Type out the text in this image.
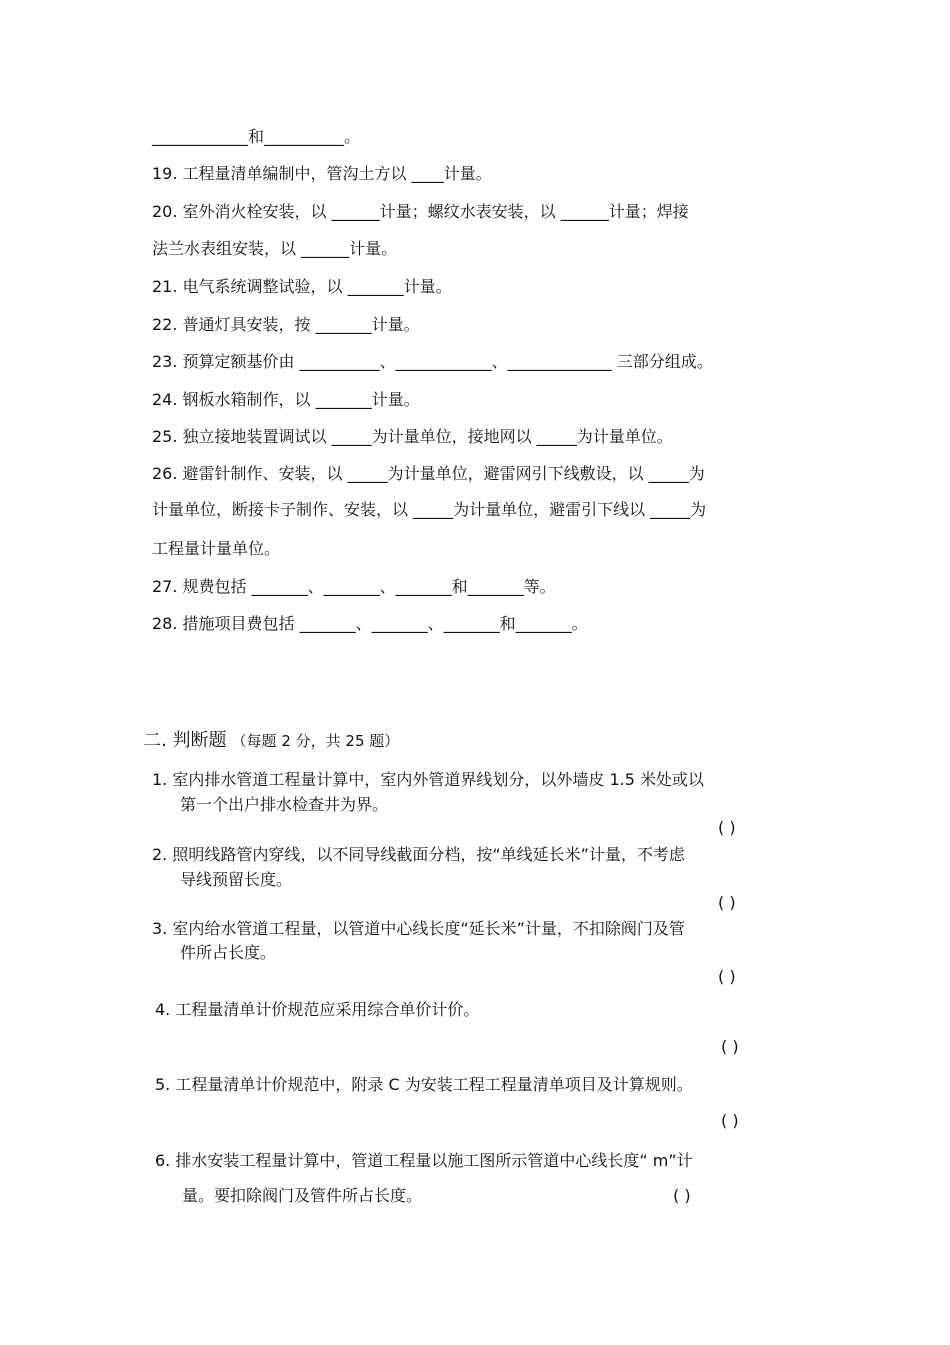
____________和__________。
19. 工程量清单编制中，管沟土方以 ____计量。
20. 室外消火栓安装，以 ______计量；螺纹水表安装，以 ______计量；焊接
法兰水表组安装，以 ______计量。
21. 电气系统调整试验，以 _______计量。
22. 普通灯具安装，按 _______计量。
23. 预算定额基价由 __________、____________、_____________ 三部分组成。
24. 钢板水箱制作，以 _______计量。
25. 独立接地装置调试以 _____为计量单位，接地网以 _____为计量单位。
26. 避雷针制作、安装，以 _____为计量单位，避雷网引下线敷设，以 _____为
计量单位，断接卡子制作、安装，以 _____为计量单位，避雷引下线以 _____为
工程量计量单位。
27. 规费包括 _______、_______、_______和_______等。
28. 措施项目费包括 _______、_______、_______和_______。
二. 判断题 （每题 2 分，共 25 题）
1. 室内排水管道工程量计算中，室内外管道界线划分，以外墙皮 1.5 米处或以
第一个出户排水检查井为界。
( )
2. 照明线路管内穿线，以不同导线截面分档，按“单线延长米”计量，不考虑
导线预留长度。
( )
3. 室内给水管道工程量，以管道中心线长度“延长米”计量，不扣除阀门及管
件所占长度。
( )
4. 工程量清单计价规范应采用综合单价计价。
( )
5. 工程量清单计价规范中，附录 C 为安装工程工程量清单项目及计算规则。
( )
6. 排水安装工程量计算中，管道工程量以施工图所示管道中心线长度“ m”计
量。要扣除阀门及管件所占长度。	( )
